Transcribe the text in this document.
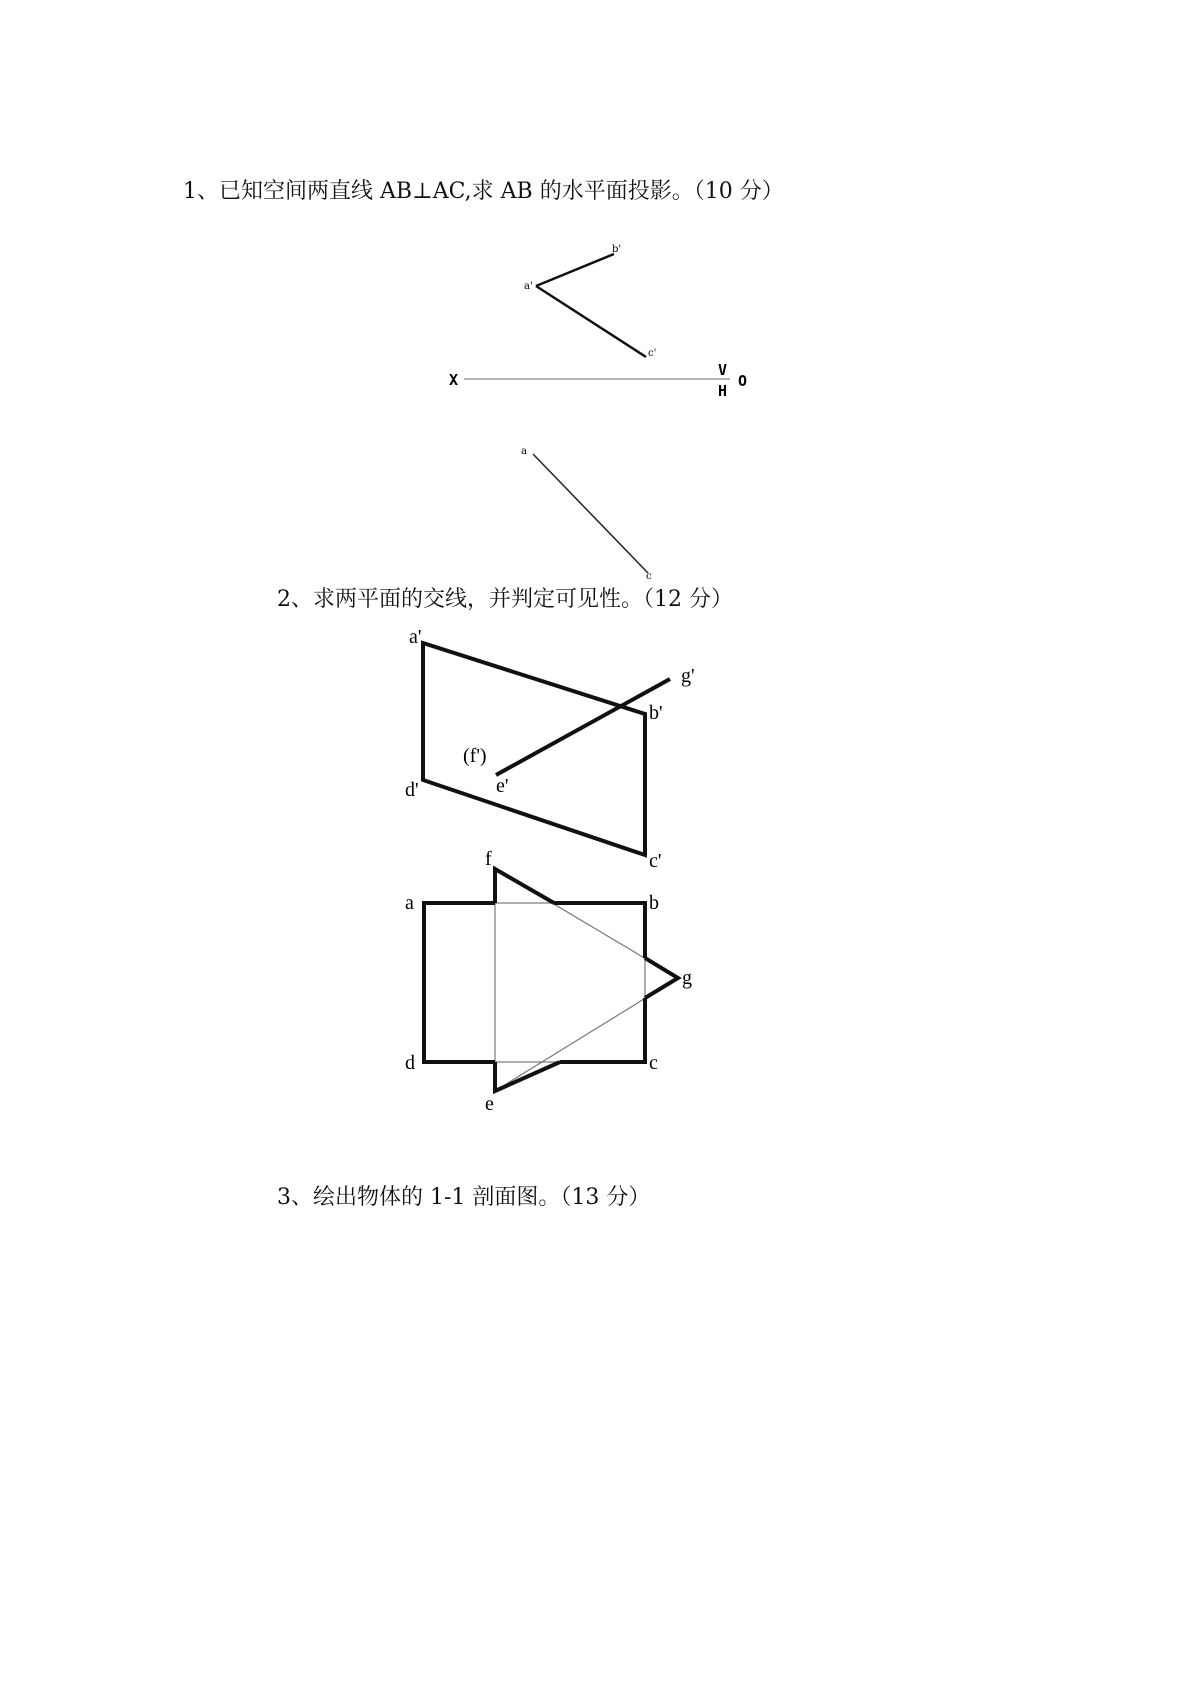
1、已知空间两直线 AB⊥AC,求 AB 的水平面投影。（10 分）
2、求两平面的交线，并判定可见性。（12 分）
3、绘出物体的 1-1 剖面图。（13 分）
a'
b'
c'
X
V
H
O
a
c
a'
b'
c'
d'	e'
(f')
g'
a	b
c
d
e
f
g
